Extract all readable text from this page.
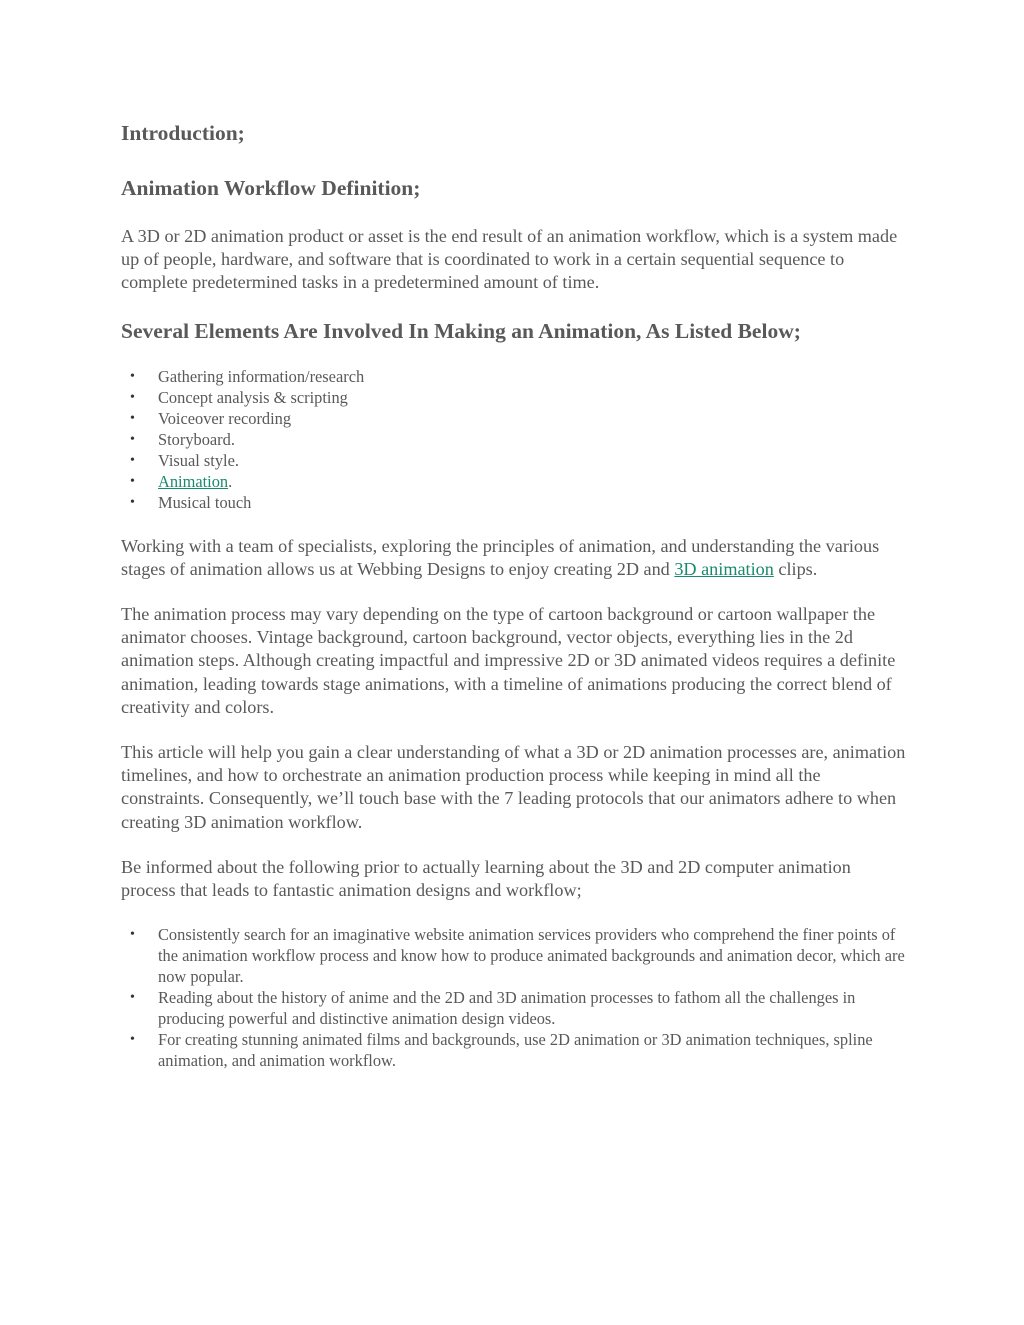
Introduction;
Animation Workflow Definition;

A 3D or 2D animation product or asset is the end result of an animation workflow, which is a system made up of people, hardware, and software that is coordinated to work in a certain sequential sequence to complete predetermined tasks in a predetermined amount of time.

Several Elements Are Involved In Making an Animation, As Listed Below;
• Gathering information/research
• Concept analysis & scripting
• Voiceover recording
• Storyboard.
• Visual style.
• Animation.
• Musical touch

Working with a team of specialists, exploring the principles of animation, and understanding the various stages of animation allows us at Webbing Designs to enjoy creating 2D and 3D animation clips.

The animation process may vary depending on the type of cartoon background or cartoon wallpaper the animator chooses. Vintage background, cartoon background, vector objects, everything lies in the 2d animation steps. Although creating impactful and impressive 2D or 3D animated videos requires a definite animation, leading towards stage animations, with a timeline of animations producing the correct blend of creativity and colors.

This article will help you gain a clear understanding of what a 3D or 2D animation processes are, animation timelines, and how to orchestrate an animation production process while keeping in mind all the constraints. Consequently, we’ll touch base with the 7 leading protocols that our animators adhere to when creating 3D animation workflow.

Be informed about the following prior to actually learning about the 3D and 2D computer animation process that leads to fantastic animation designs and workflow;

• Consistently search for an imaginative website animation services providers who comprehend the finer points of the animation workflow process and know how to produce animated backgrounds and animation decor, which are now popular.
• Reading about the history of anime and the 2D and 3D animation processes to fathom all the challenges in producing powerful and distinctive animation design videos.
• For creating stunning animated films and backgrounds, use 2D animation or 3D animation techniques, spline animation, and animation workflow.
